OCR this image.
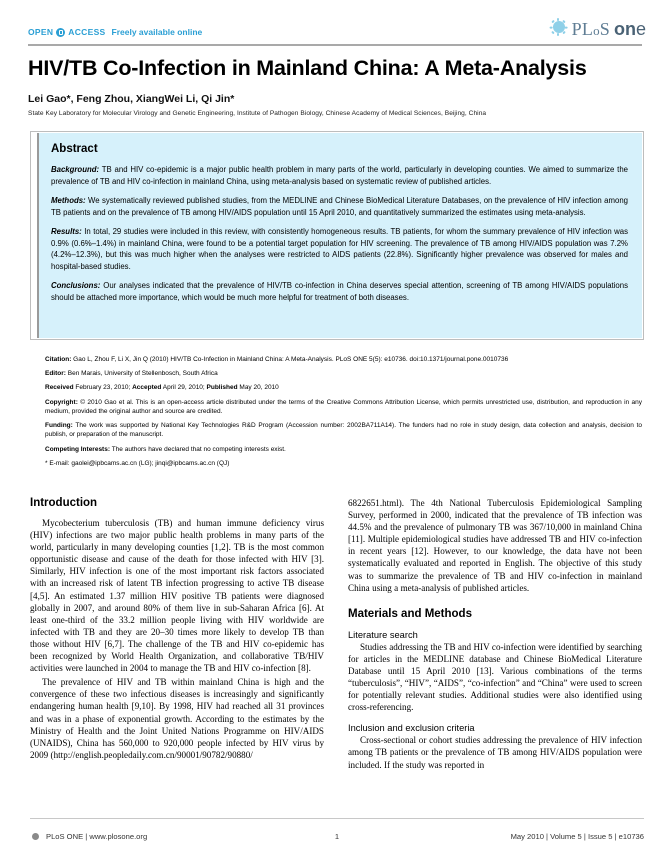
OPEN ACCESS Freely available online	PLoS one
HIV/TB Co-Infection in Mainland China: A Meta-Analysis
Lei Gao*, Feng Zhou, XiangWei Li, Qi Jin*
State Key Laboratory for Molecular Virology and Genetic Engineering, Institute of Pathogen Biology, Chinese Academy of Medical Sciences, Beijing, China
Abstract

Background: TB and HIV co-epidemic is a major public health problem in many parts of the world, particularly in developing counties. We aimed to summarize the prevalence of TB and HIV co-infection in mainland China, using meta-analysis based on systematic review of published articles.

Methods: We systematically reviewed published studies, from the MEDLINE and Chinese BioMedical Literature Databases, on the prevalence of HIV infection among TB patients and on the prevalence of TB among HIV/AIDS population until 15 April 2010, and quantitatively summarized the estimates using meta-analysis.

Results: In total, 29 studies were included in this review, with consistently homogeneous results. TB patients, for whom the summary prevalence of HIV infection was 0.9% (0.6%–1.4%) in mainland China, were found to be a potential target population for HIV screening. The prevalence of TB among HIV/AIDS population was 7.2% (4.2%–12.3%), but this was much higher when the analyses were restricted to AIDS patients (22.8%). Significantly higher prevalence was observed for males and hospital-based studies.

Conclusions: Our analyses indicated that the prevalence of HIV/TB co-infection in China deserves special attention, screening of TB among HIV/AIDS populations should be attached more importance, which would be much more helpful for treatment of both diseases.

Citation: Gao L, Zhou F, Li X, Jin Q (2010) HIV/TB Co-Infection in Mainland China: A Meta-Analysis. PLoS ONE 5(5): e10736. doi:10.1371/journal.pone.0010736
Editor: Ben Marais, University of Stellenbosch, South Africa
Received February 23, 2010; Accepted April 29, 2010; Published May 20, 2010
Copyright: © 2010 Gao et al. This is an open-access article distributed under the terms of the Creative Commons Attribution License, which permits unrestricted use, distribution, and reproduction in any medium, provided the original author and source are credited.
Funding: The work was supported by National Key Technologies R&D Program (Accession number: 2002BA711A14). The funders had no role in study design, data collection and analysis, decision to publish, or preparation of the manuscript.
Competing Interests: The authors have declared that no competing interests exist.
* E-mail: gaolei@ipbcams.ac.cn (LG); jinqi@ipbcams.ac.cn (QJ)
Introduction

Mycobecterium tuberculosis (TB) and human immune deficiency virus (HIV) infections are two major public health problems in many parts of the world, particularly in many developing counties [1,2]. TB is the most common opportunistic disease and cause of the death for those infected with HIV [3]. Similarly, HIV infection is one of the most important risk factors associated with an increased risk of latent TB infection progressing to active TB disease [4,5]. An estimated 1.37 million HIV positive TB patients were diagnosed globally in 2007, and around 80% of them live in sub-Saharan Africa [6]. At least one-third of the 33.2 million people living with HIV worldwide are infected with TB and they are 20–30 times more likely to develop TB than those without HIV [6,7]. The challenge of the TB and HIV co-epidemic has been recognized by World Health Organization, and collaborative TB/HIV activities were launched in 2004 to manage the TB and HIV co-infection [8].

The prevalence of HIV and TB within mainland China is high and the convergence of these two infectious diseases is increasingly and significantly endangering human health [9,10]. By 1998, HIV had reached all 31 provinces and was in a phase of exponential growth. According to the estimates by the Ministry of Health and the Joint United Nations Programme on HIV/AIDS (UNAIDS), China has 560,000 to 920,000 people infected by HIV virus by 2009 (http://english.peopledaily.com.cn/90001/90782/90880/

6822651.html). The 4th National Tuberculosis Epidemiological Sampling Survey, performed in 2000, indicated that the prevalence of TB infection was 44.5% and the prevalence of pulmonary TB was 367/10,000 in mainland China [11]. Multiple epidemiological studies have addressed TB and HIV co-infection in recent years [12]. However, to our knowledge, the data have not been systematically evaluated and reported in English. The objective of this study was to summarize the prevalence of TB and HIV co-infection in mainland China using a meta-analysis of published articles.

Materials and Methods
Literature search

Studies addressing the TB and HIV co-infection were identified by searching for articles in the MEDLINE database and Chinese BioMedical Literature Database until 15 April 2010 [13]. Various combinations of the terms “tuberculosis”, “HIV”, “AIDS”, “co-infection” and “China” were used to screen for potentially relevant studies. Additional studies were also identified using cross-referencing.

Inclusion and exclusion criteria

Cross-sectional or cohort studies addressing the prevalence of HIV infection among TB patients or the prevalence of TB among HIV/AIDS population were included. If the study was reported in

PLoS ONE | www.plosone.org	1	May 2010 | Volume 5 | Issue 5 | e10736
